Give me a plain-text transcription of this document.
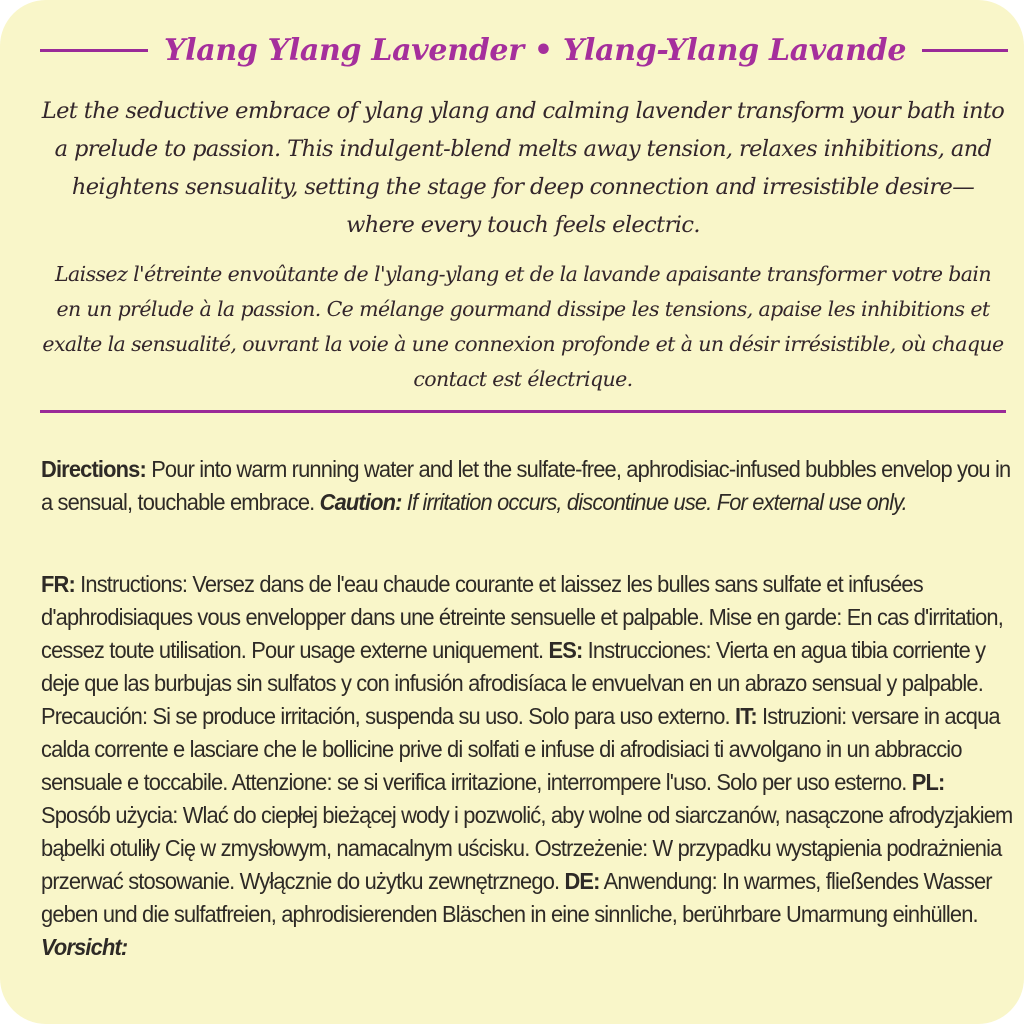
Ylang Ylang Lavender • Ylang-Ylang Lavande

Let the seductive embrace of ylang ylang and calming lavender transform your bath into a prelude to passion. This indulgent-blend melts away tension, relaxes inhibitions, and heightens sensuality, setting the stage for deep connection and irresistible desire—where every touch feels electric.

Laissez l'étreinte envoûtante de l'ylang-ylang et de la lavande apaisante transformer votre bain en un prélude à la passion. Ce mélange gourmand dissipe les tensions, apaise les inhibitions et exalte la sensualité, ouvrant la voie à une connexion profonde et à un désir irrésistible, où chaque contact est électrique.

Directions: Pour into warm running water and let the sulfate-free, aphrodisiac-infused bubbles envelop you in a sensual, touchable embrace. Caution: If irritation occurs, discontinue use. For external use only.

FR: Instructions: Versez dans de l'eau chaude courante et laissez les bulles sans sulfate et infusées d'aphrodisiaques vous envelopper dans une étreinte sensuelle et palpable. Mise en garde: En cas d'irritation, cessez toute utilisation. Pour usage externe uniquement. ES: Instrucciones: Vierta en agua tibia corriente y deje que las burbujas sin sulfatos y con infusión afrodisíaca le envuelvan en un abrazo sensual y palpable. Precaución: Si se produce irritación, suspenda su uso. Solo para uso externo. IT: Istruzioni: versare in acqua calda corrente e lasciare che le bollicine prive di solfati e infuse di afrodisiaci ti avvolgano in un abbraccio sensuale e toccabile. Attenzione: se si verifica irritazione, interrompere l'uso. Solo per uso esterno. PL: Sposób użycia: Wlać do ciepłej bieżącej wody i pozwolić, aby wolne od siarczanów, nasączone afrodyzjakiem bąbelki otuliły Cię w zmysłowym, namacalnym uścisku. Ostrzeżenie: W przypadku wystąpienia podrażnienia przerwać stosowanie. Wyłącznie do użytku zewnętrznego. DE: Anwendung: In warmes, fließendes Wasser geben und die sulfatfreien, aphrodisierenden Bläschen in eine sinnliche, berührbare Umarmung einhüllen. Vorsicht:
